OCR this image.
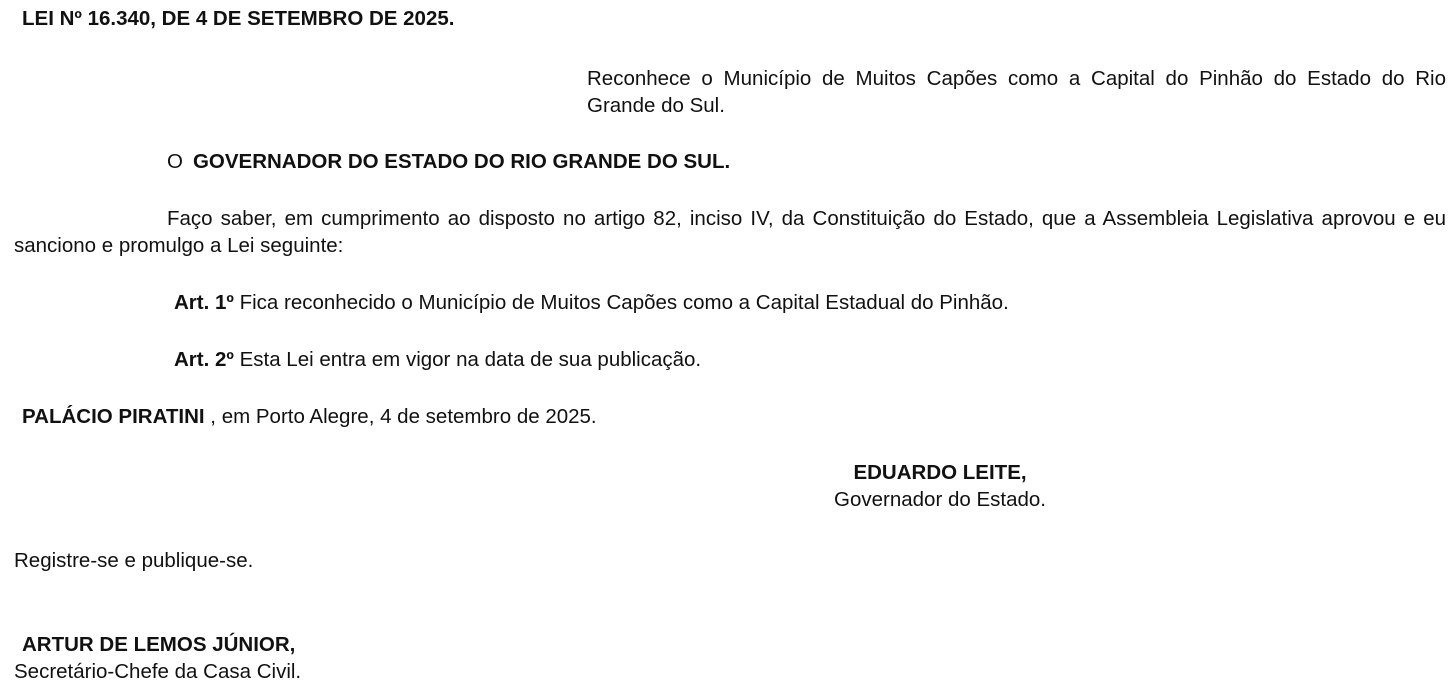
LEI Nº 16.340, DE 4 DE SETEMBRO DE 2025.

Reconhece o Município de Muitos Capões como a Capital do Pinhão do Estado do Rio Grande do Sul.

O GOVERNADOR DO ESTADO DO RIO GRANDE DO SUL.

Faço saber, em cumprimento ao disposto no artigo 82, inciso IV, da Constituição do Estado, que a Assembleia Legislativa aprovou e eu sanciono e promulgo a Lei seguinte:

Art. 1º Fica reconhecido o Município de Muitos Capões como a Capital Estadual do Pinhão.

Art. 2º Esta Lei entra em vigor na data de sua publicação.

PALÁCIO PIRATINI , em Porto Alegre, 4 de setembro de 2025.

EDUARDO LEITE,
Governador do Estado.

Registre-se e publique-se.

ARTUR DE LEMOS JÚNIOR,
Secretário-Chefe da Casa Civil.
